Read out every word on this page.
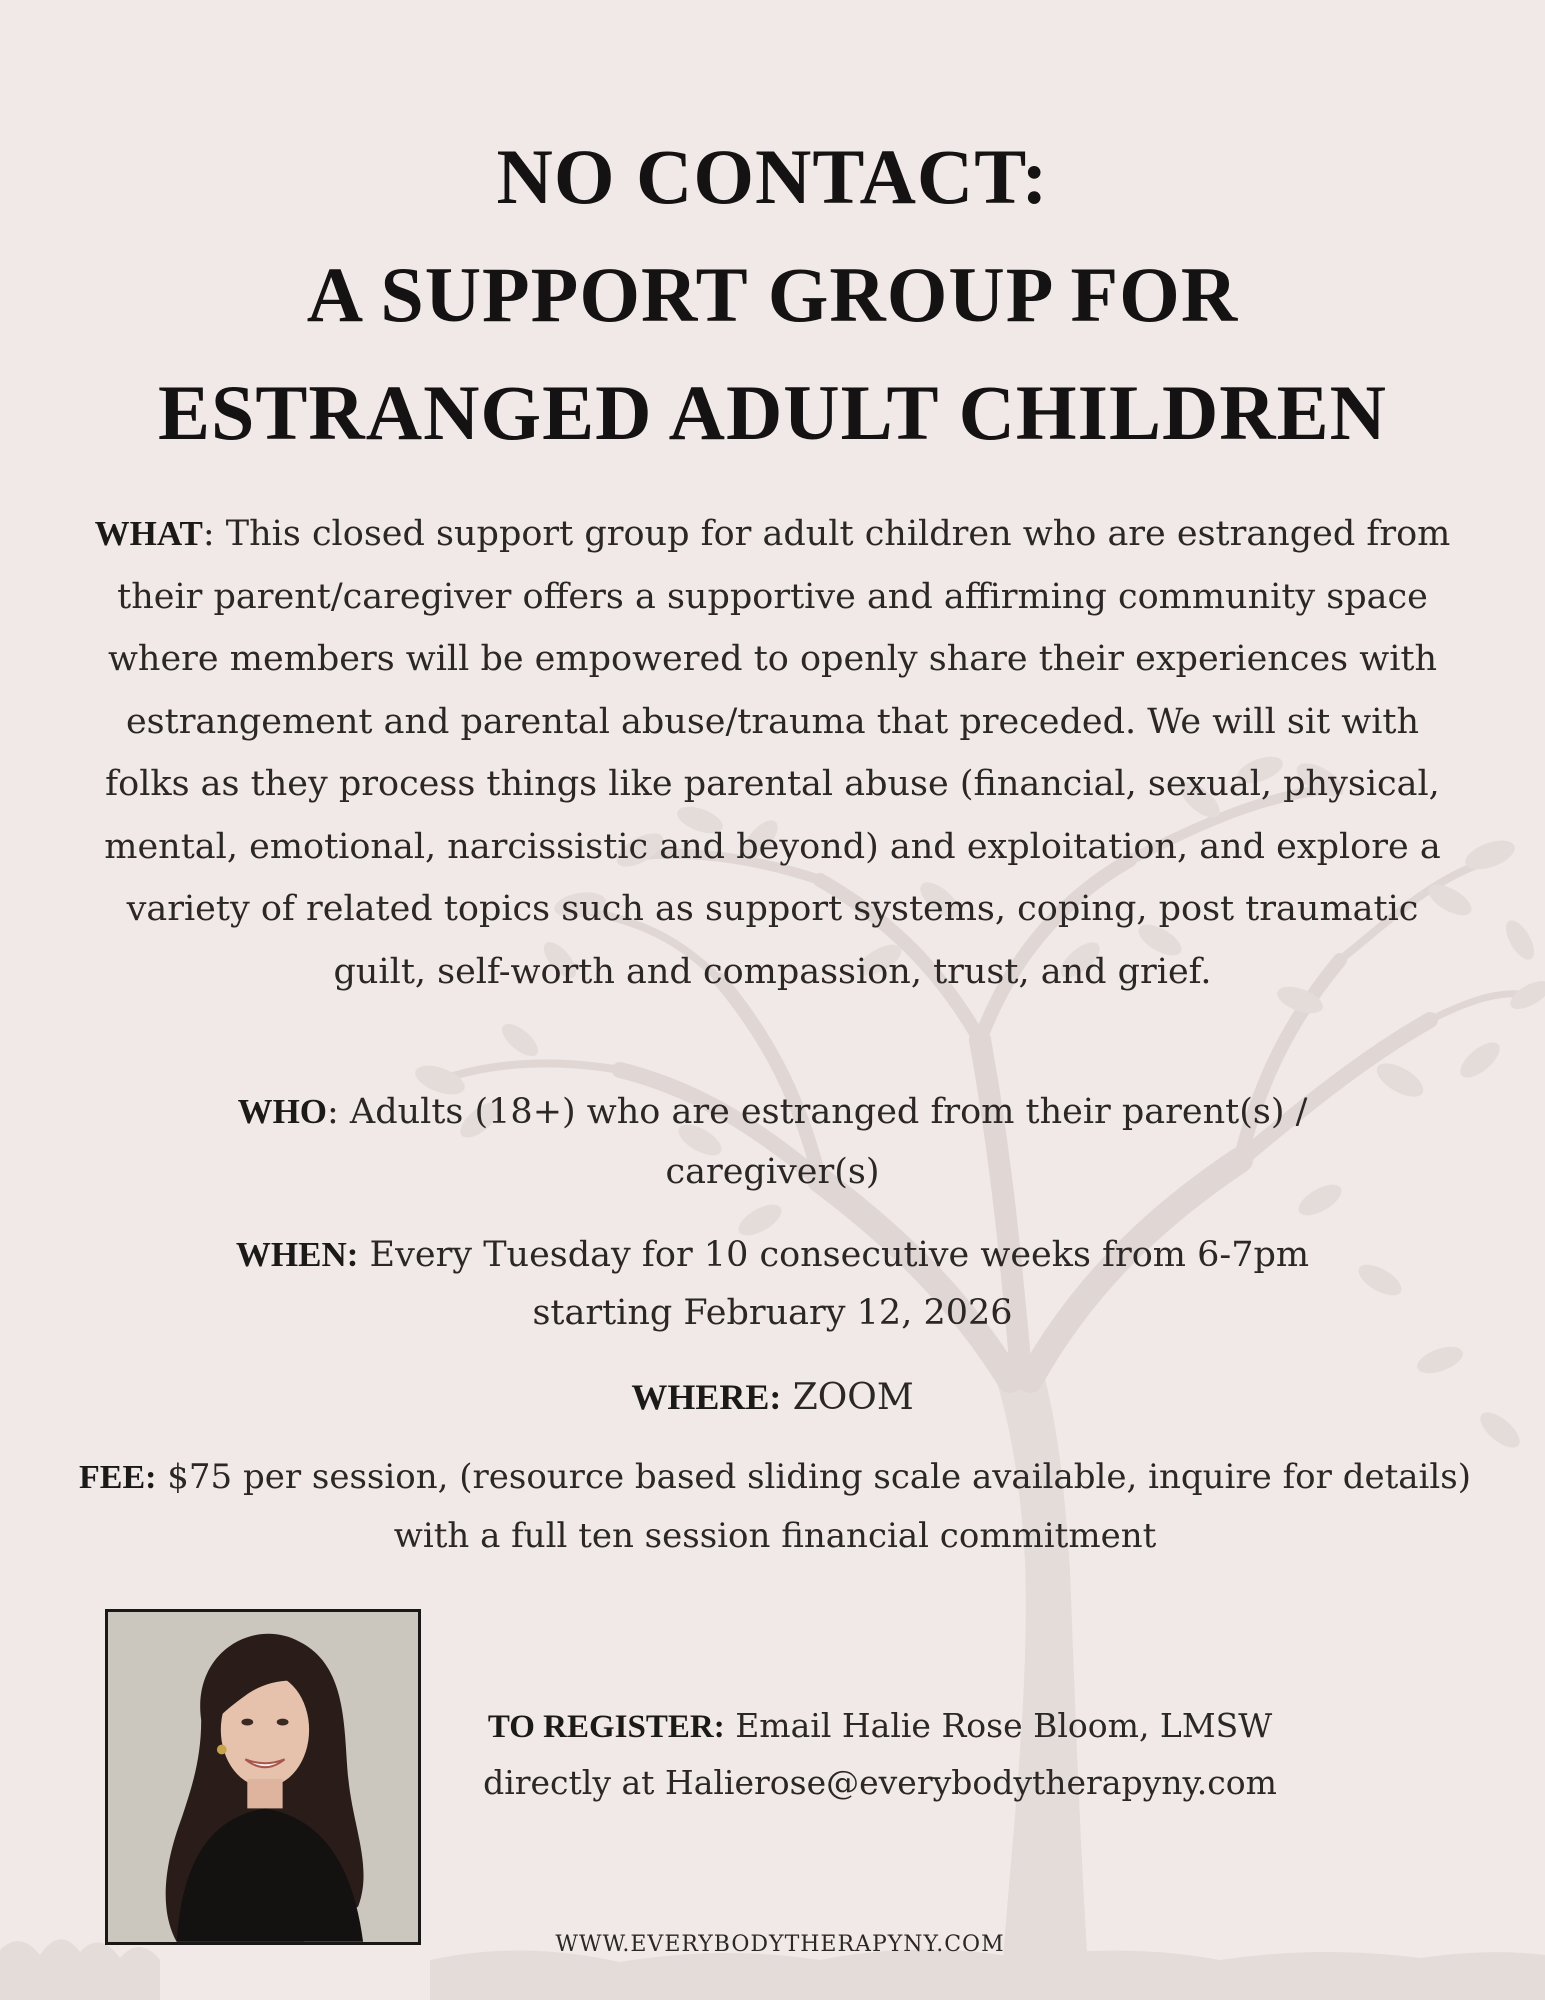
NO CONTACT:
A SUPPORT GROUP FOR
ESTRANGED ADULT CHILDREN

WHAT: This closed support group for adult children who are estranged from their parent/caregiver offers a supportive and affirming community space where members will be empowered to openly share their experiences with estrangement and parental abuse/trauma that preceded. We will sit with folks as they process things like parental abuse (financial, sexual, physical, mental, emotional, narcissistic and beyond) and exploitation, and explore a variety of related topics such as support systems, coping, post traumatic guilt, self-worth and compassion, trust, and grief.

WHO: Adults (18+) who are estranged from their parent(s) / caregiver(s)

WHEN: Every Tuesday for 10 consecutive weeks from 6-7pm starting February 12, 2026

WHERE: ZOOM

FEE: $75 per session, (resource based sliding scale available, inquire for details) with a full ten session financial commitment

TO REGISTER: Email Halie Rose Bloom, LMSW directly at Halierose@everybodytherapyny.com

WWW.EVERYBODYTHERAPYNY.COM
